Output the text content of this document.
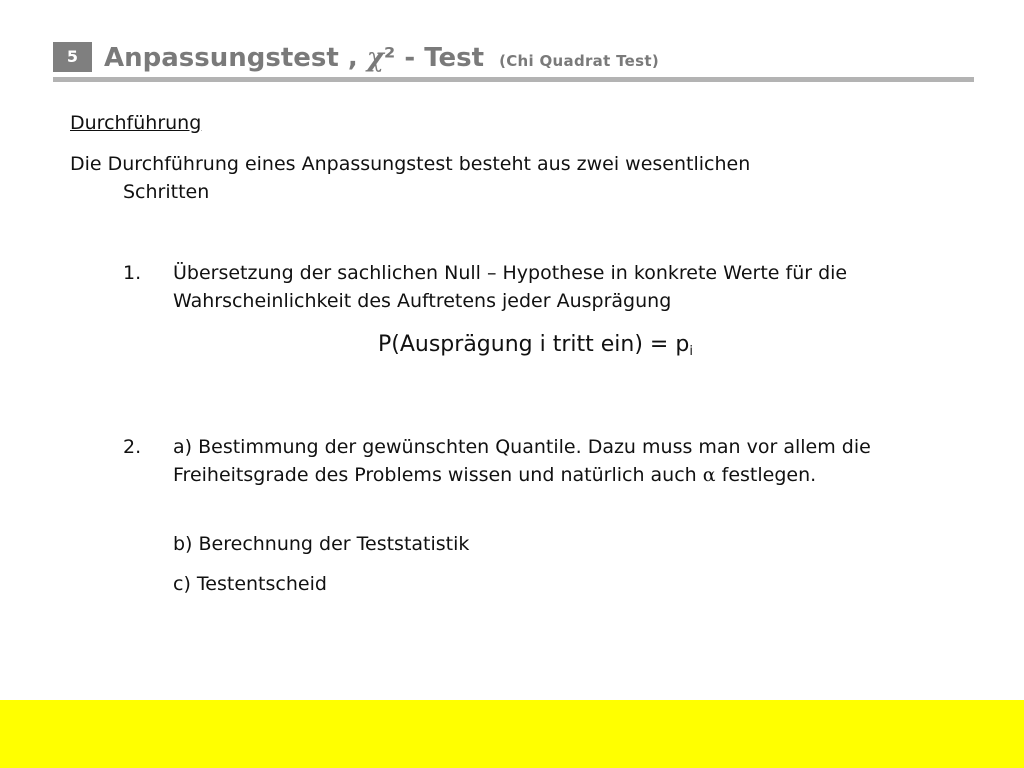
5 Anpassungstest , χ² - Test (Chi Quadrat Test)
Durchführung
Die Durchführung eines Anpassungstest besteht aus zwei wesentlichen
Schritten
1. Übersetzung der sachlichen Null – Hypothese in konkrete Werte für die Wahrscheinlichkeit des Auftretens jeder Ausprägung
P(Ausprägung i tritt $ein) = p_i$
2. a) Bestimmung der gewünschten Quantile. Dazu muss man vor allem die Freiheitsgrade des Problems wissen und natürlich auch α festlegen.
b) Berechnung der Teststatistik
c) Testentscheid
